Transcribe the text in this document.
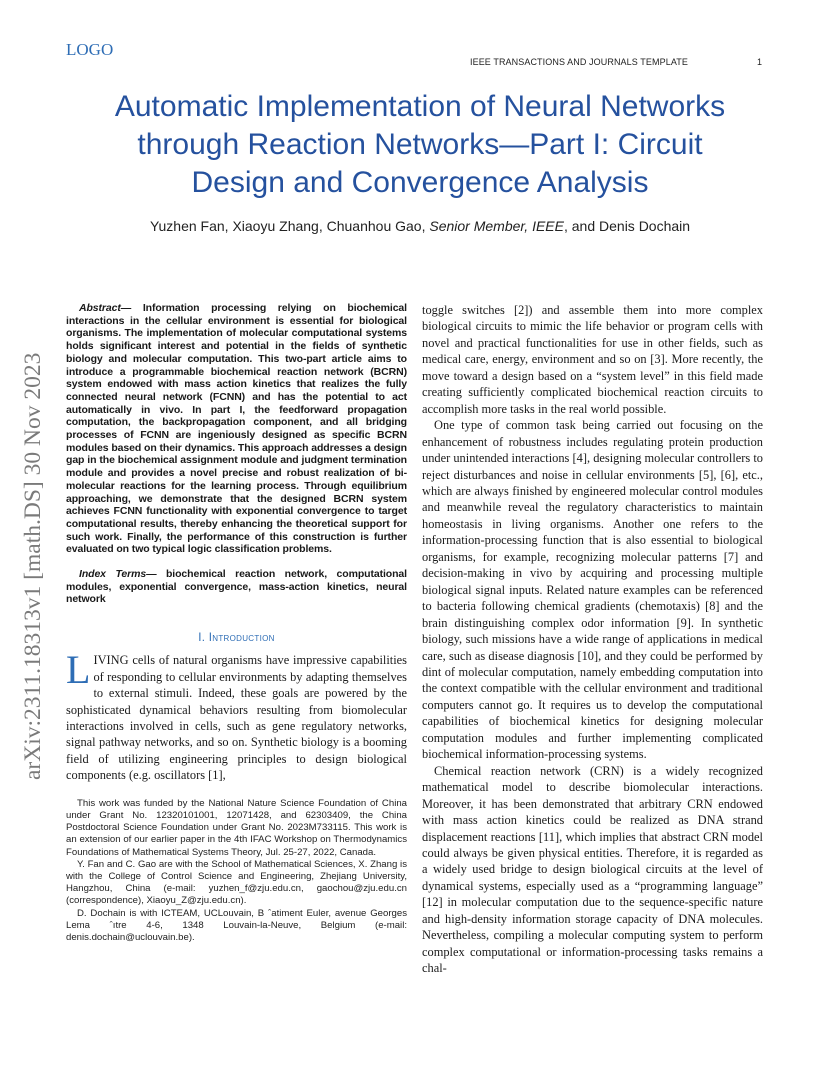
LOGO
IEEE TRANSACTIONS AND JOURNALS TEMPLATE	1
Automatic Implementation of Neural Networks
through Reaction Networks—Part I: Circuit
Design and Convergence Analysis
Yuzhen Fan, Xiaoyu Zhang, Chuanhou Gao, Senior Member, IEEE, and Denis Dochain
arXiv:2311.18313v1 [math.DS] 30 Nov 2023

Abstract— Information processing relying on biochemical interactions in the cellular environment is essential for biological organisms. The implementation of molecular computational systems holds significant interest and potential in the fields of synthetic biology and molecular computation. This two-part article aims to introduce a programmable biochemical reaction network (BCRN) system endowed with mass action kinetics that realizes the fully connected neural network (FCNN) and has the potential to act automatically in vivo. In part I, the feedforward propagation computation, the backpropagation component, and all bridging processes of FCNN are ingeniously designed as specific BCRN modules based on their dynamics. This approach addresses a design gap in the biochemical assignment module and judgment termination module and provides a novel precise and robust realization of bi-molecular reactions for the learning process. Through equilibrium approaching, we demonstrate that the designed BCRN system achieves FCNN functionality with exponential convergence to target computational results, thereby enhancing the theoretical support for such work. Finally, the performance of this construction is further evaluated on two typical logic classification problems.

Index Terms— biochemical reaction network, computational modules, exponential convergence, mass-action kinetics, neural network

I. Introduction

LIVING cells of natural organisms have impressive capabilities of responding to cellular environments by adapting themselves to external stimuli. Indeed, these goals are powered by the sophisticated dynamical behaviors resulting from biomolecular interactions involved in cells, such as gene regulatory networks, signal pathway networks, and so on. Synthetic biology is a booming field of utilizing engineering principles to design biological components (e.g. oscillators [1],

This work was funded by the National Nature Science Foundation of China under Grant No. 12320101001, 12071428, and 62303409, the China Postdoctoral Science Foundation under Grant No. 2023M733115. This work is an extension of our earlier paper in the 4th IFAC Workshop on Thermodynamics Foundations of Mathematical Systems Theory, Jul. 25-27, 2022, Canada.

Y. Fan and C. Gao are with the School of Mathematical Sciences, X. Zhang is with the College of Control Science and Engineering, Zhejiang University, Hangzhou, China (e-mail: yuzhen_f@zju.edu.cn, gaochou@zju.edu.cn (correspondence), Xiaoyu_Z@zju.edu.cn).

D. Dochain is with ICTEAM, UCLouvain, B ˆatiment Euler, avenue Georges Lema ˆıtre 4-6, 1348 Louvain-la-Neuve, Belgium (e-mail: denis.dochain@uclouvain.be).

toggle switches [2]) and assemble them into more complex biological circuits to mimic the life behavior or program cells with novel and practical functionalities for use in other fields, such as medical care, energy, environment and so on [3]. More recently, the move toward a design based on a “system level” in this field made creating sufficiently complicated biochemical reaction circuits to accomplish more tasks in the real world possible.

One type of common task being carried out focusing on the enhancement of robustness includes regulating protein production under unintended interactions [4], designing molecular controllers to reject disturbances and noise in cellular environments [5], [6], etc., which are always finished by engineered molecular control modules and meanwhile reveal the regulatory characteristics to maintain homeostasis in living organisms. Another one refers to the information-processing function that is also essential to biological organisms, for example, recognizing molecular patterns [7] and decision-making in vivo by acquiring and processing multiple biological signal inputs. Related nature examples can be referenced to bacteria following chemical gradients (chemotaxis) [8] and the brain distinguishing complex odor information [9]. In synthetic biology, such missions have a wide range of applications in medical care, such as disease diagnosis [10], and they could be performed by dint of molecular computation, namely embedding computation into the context compatible with the cellular environment and traditional computers cannot go. It requires us to develop the computational capabilities of biochemical kinetics for designing molecular computation modules and further implementing complicated biochemical information-processing systems.

Chemical reaction network (CRN) is a widely recognized mathematical model to describe biomolecular interactions. Moreover, it has been demonstrated that arbitrary CRN endowed with mass action kinetics could be realized as DNA strand displacement reactions [11], which implies that abstract CRN model could always be given physical entities. Therefore, it is regarded as a widely used bridge to design biological circuits at the level of dynamical systems, especially used as a “programming language” [12] in molecular computation due to the sequence-specific nature and high-density information storage capacity of DNA molecules. Nevertheless, compiling a molecular computing system to perform complex computational or information-processing tasks remains a chal-
